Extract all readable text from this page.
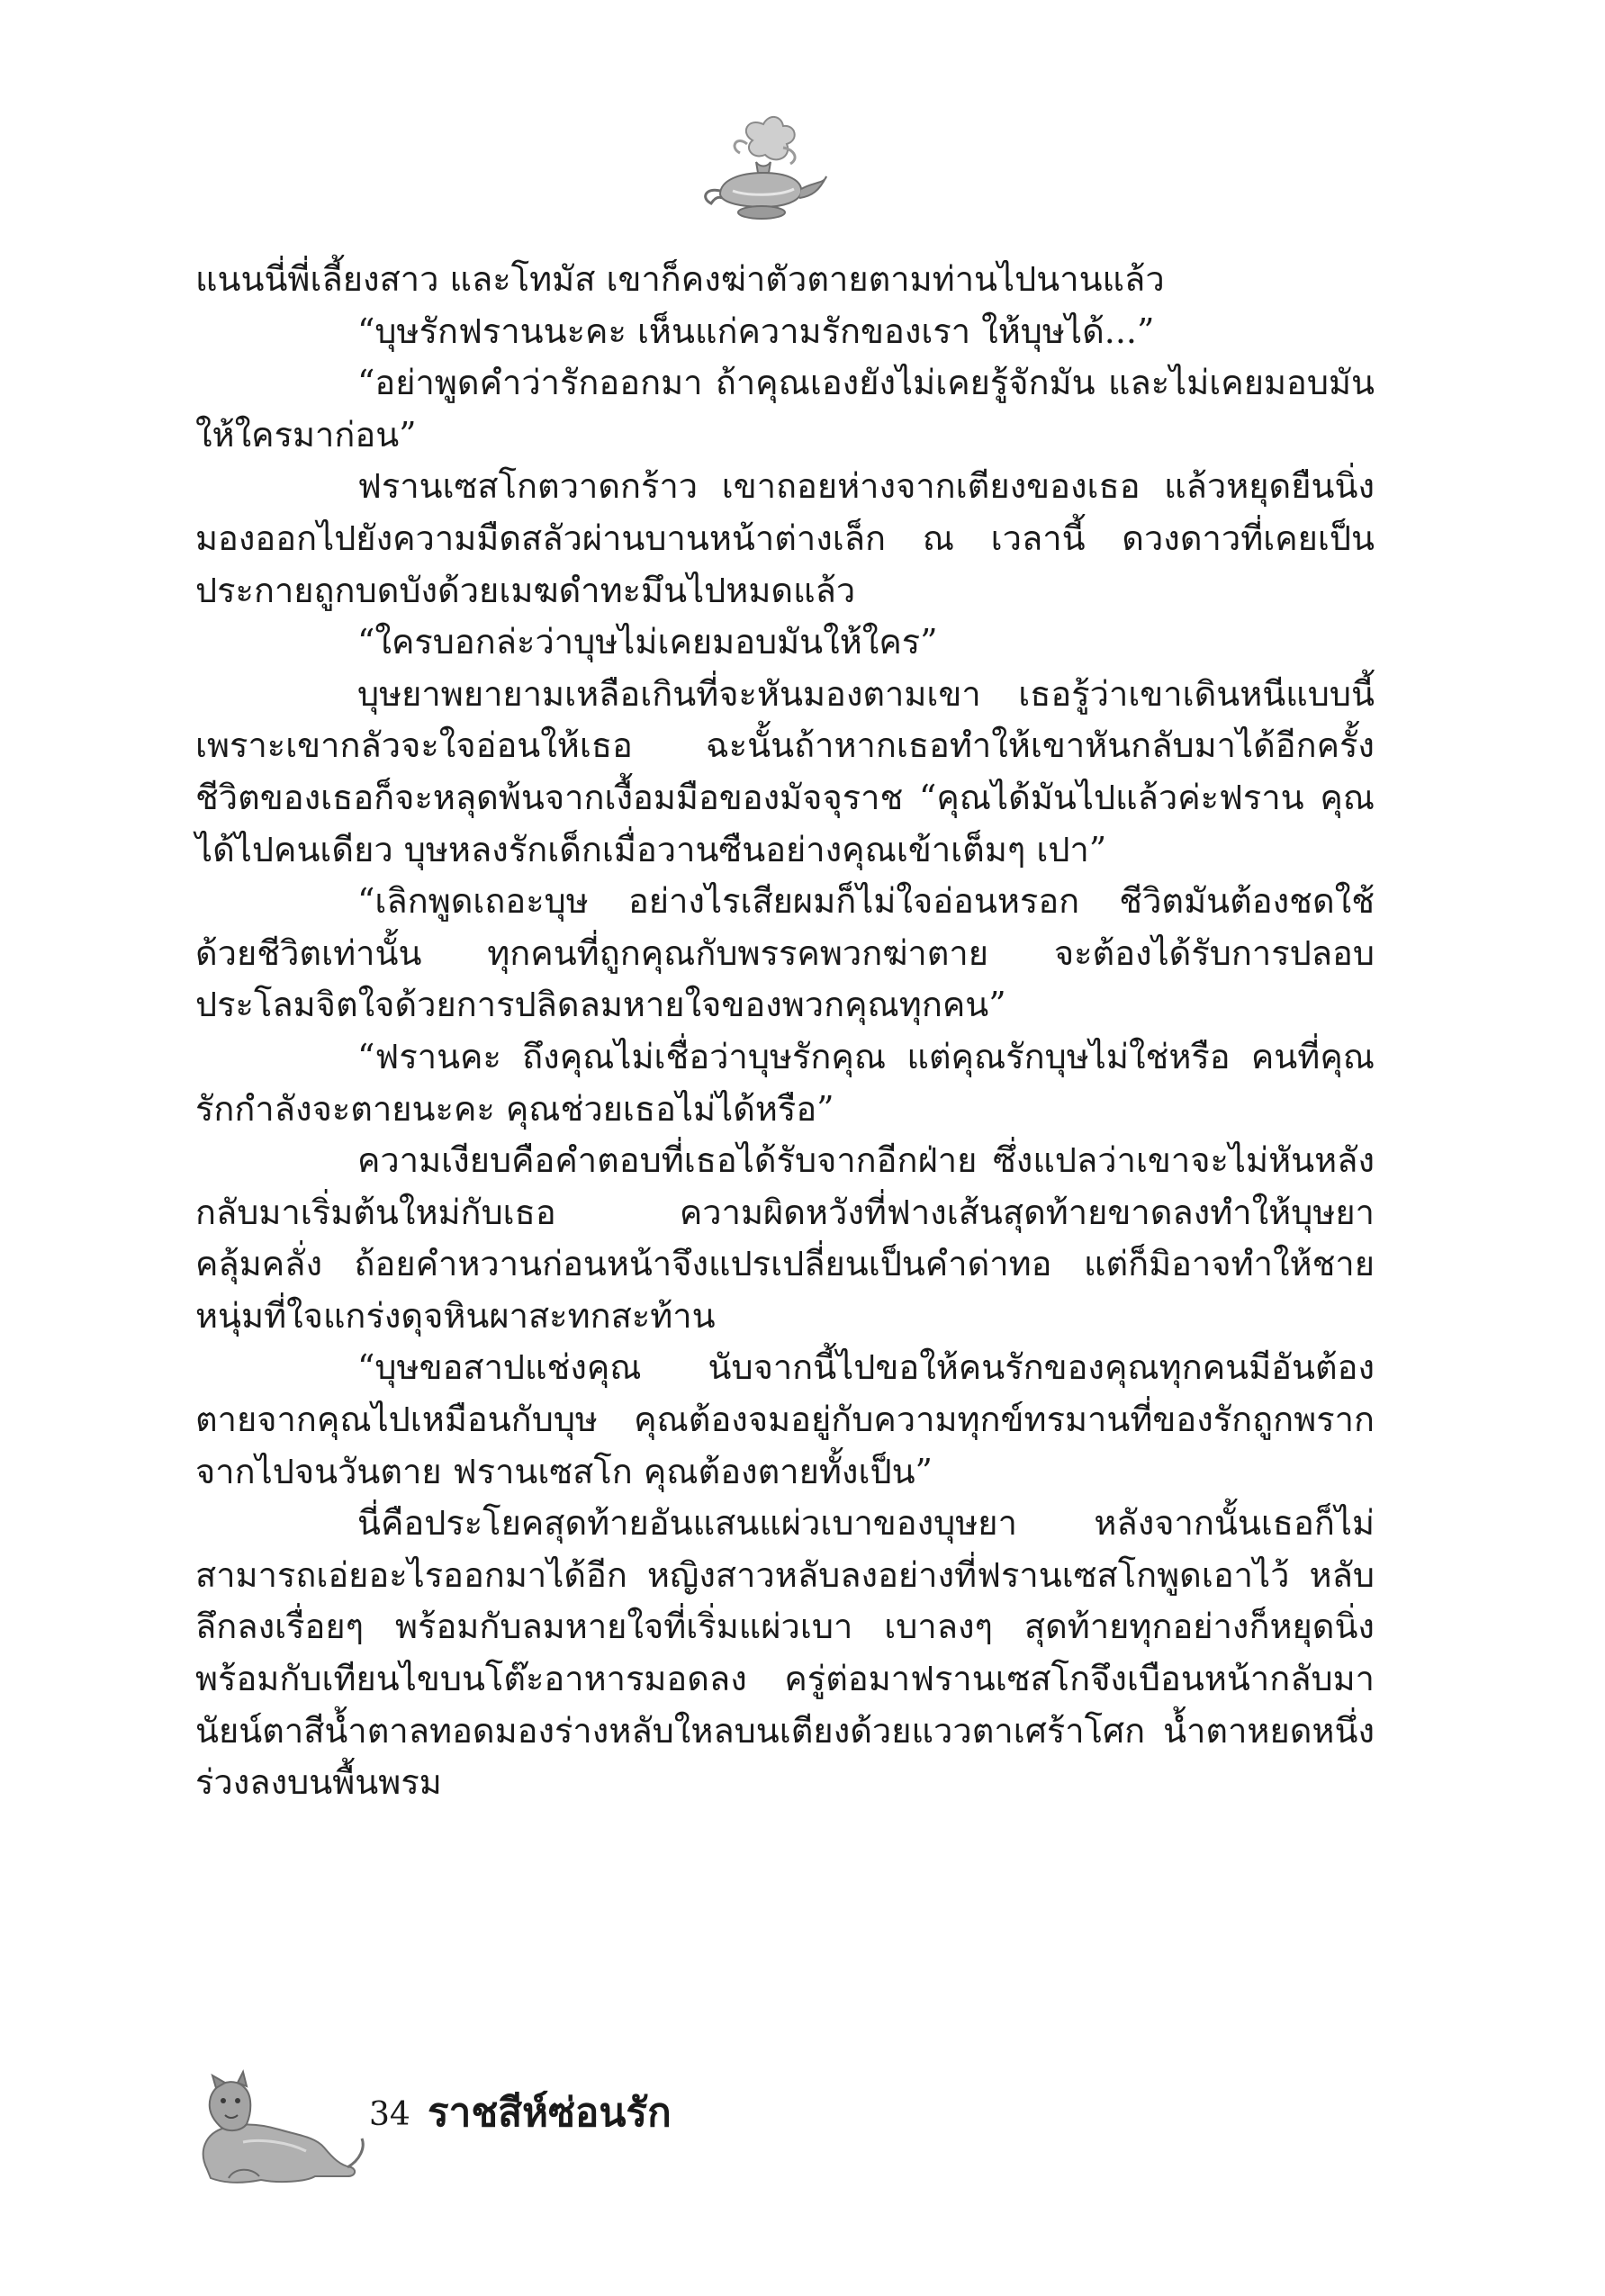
แนนนี่พี่เลี้ยงสาว และโทมัส เขาก็คงฆ่าตัวตายตามท่านไปนานแล้ว

“บุษรักฟรานนะคะ เห็นแก่ความรักของเรา ให้บุษได้...”

“อย่าพูดคำว่ารักออกมา ถ้าคุณเองยังไม่เคยรู้จักมัน และไม่เคยมอบมันให้ใครมาก่อน”

ฟรานเซสโกตวาดกร้าว เขาถอยห่างจากเตียงของเธอ แล้วหยุดยืนนิ่งมองออกไปยังความมืดสลัวผ่านบานหน้าต่างเล็ก ณ เวลานี้ ดวงดาวที่เคยเป็นประกายถูกบดบังด้วยเมฆดำทะมึนไปหมดแล้ว

“ใครบอกล่ะว่าบุษไม่เคยมอบมันให้ใคร”

บุษยาพยายามเหลือเกินที่จะหันมองตามเขา เธอรู้ว่าเขาเดินหนีแบบนี้เพราะเขากลัวจะใจอ่อนให้เธอ ฉะนั้นถ้าหากเธอทำให้เขาหันกลับมาได้อีกครั้ง ชีวิตของเธอก็จะหลุดพ้นจากเงื้อมมือของมัจจุราช “คุณได้มันไปแล้วค่ะฟราน คุณได้ไปคนเดียว บุษหลงรักเด็กเมื่อวานซืนอย่างคุณเข้าเต็มๆ เปา”

“เลิกพูดเถอะบุษ อย่างไรเสียผมก็ไม่ใจอ่อนหรอก ชีวิตมันต้องชดใช้ด้วยชีวิตเท่านั้น ทุกคนที่ถูกคุณกับพรรคพวกฆ่าตาย จะต้องได้รับการปลอบประโลมจิตใจด้วยการปลิดลมหายใจของพวกคุณทุกคน”

“ฟรานคะ ถึงคุณไม่เชื่อว่าบุษรักคุณ แต่คุณรักบุษไม่ใช่หรือ คนที่คุณรักกำลังจะตายนะคะ คุณช่วยเธอไม่ได้หรือ”

ความเงียบคือคำตอบที่เธอได้รับจากอีกฝ่าย ซึ่งแปลว่าเขาจะไม่หันหลังกลับมาเริ่มต้นใหม่กับเธอ ความผิดหวังที่ฟางเส้นสุดท้ายขาดลงทำให้บุษยาคลุ้มคลั่ง ถ้อยคำหวานก่อนหน้าจึงแปรเปลี่ยนเป็นคำด่าทอ แต่ก็มิอาจทำให้ชายหนุ่มที่ใจแกร่งดุจหินผาสะทกสะท้าน

“บุษขอสาปแช่งคุณ นับจากนี้ไปขอให้คนรักของคุณทุกคนมีอันต้องตายจากคุณไปเหมือนกับบุษ คุณต้องจมอยู่กับความทุกข์ทรมานที่ของรักถูกพรากจากไปจนวันตาย ฟรานเซสโก คุณต้องตายทั้งเป็น”

นี่คือประโยคสุดท้ายอันแสนแผ่วเบาของบุษยา หลังจากนั้นเธอก็ไม่สามารถเอ่ยอะไรออกมาได้อีก หญิงสาวหลับลงอย่างที่ฟรานเซสโกพูดเอาไว้ หลับลึกลงเรื่อยๆ พร้อมกับลมหายใจที่เริ่มแผ่วเบา เบาลงๆ สุดท้ายทุกอย่างก็หยุดนิ่ง พร้อมกับเทียนไขบนโต๊ะอาหารมอดลง ครู่ต่อมาฟรานเซสโกจึงเบือนหน้ากลับมา นัยน์ตาสีน้ำตาลทอดมองร่างหลับใหลบนเตียงด้วยแววตาเศร้าโศก น้ำตาหยดหนึ่งร่วงลงบนพื้นพรม

34 ราชสีห์ซ่อนรัก
